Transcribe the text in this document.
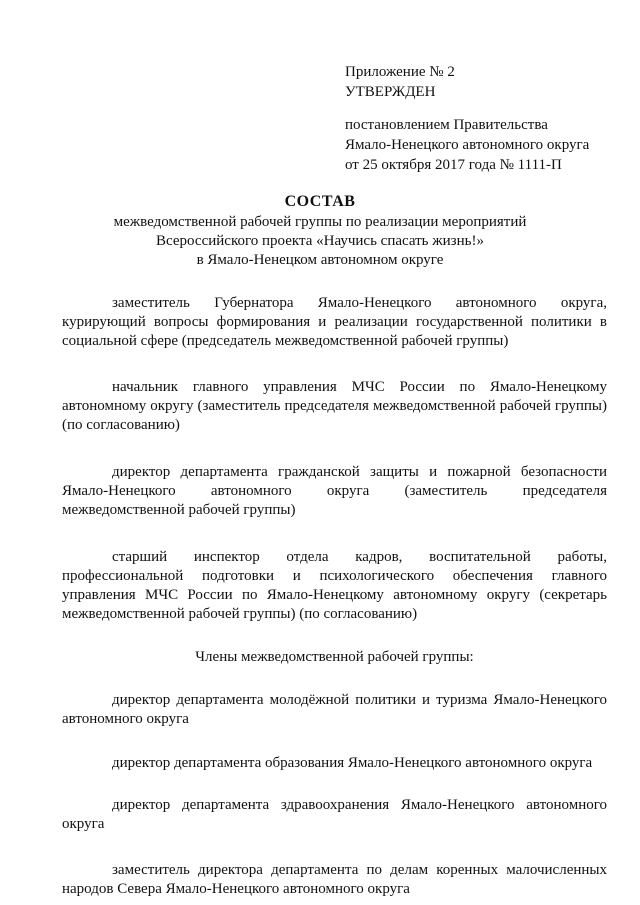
Приложение № 2
УТВЕРЖДЕН
постановлением Правительства
Ямало-Ненецкого автономного округа
от 25 октября 2017 года № 1111-П
СОСТАВ
межведомственной рабочей группы по реализации мероприятий
Всероссийского проекта «Научись спасать жизнь!»
в Ямало-Ненецком автономном округе

заместитель Губернатора Ямало-Ненецкого автономного округа, курирующий вопросы формирования и реализации государственной политики в социальной сфере (председатель межведомственной рабочей группы)

начальник главного управления МЧС России по Ямало-Ненецкому автономному округу (заместитель председателя межведомственной рабочей группы) (по согласованию)

директор департамента гражданской защиты и пожарной безопасности Ямало-Ненецкого автономного округа (заместитель председателя межведомственной рабочей группы)

старший инспектор отдела кадров, воспитательной работы, профессиональной подготовки и психологического обеспечения главного управления МЧС России по Ямало-Ненецкому автономному округу (секретарь межведомственной рабочей группы) (по согласованию)

Члены межведомственной рабочей группы:

директор департамента молодёжной политики и туризма Ямало-Ненецкого автономного округа

директор департамента образования Ямало-Ненецкого автономного округа

директор департамента здравоохранения Ямало-Ненецкого автономного округа

заместитель директора департамента по делам коренных малочисленных народов Севера Ямало-Ненецкого автономного округа
